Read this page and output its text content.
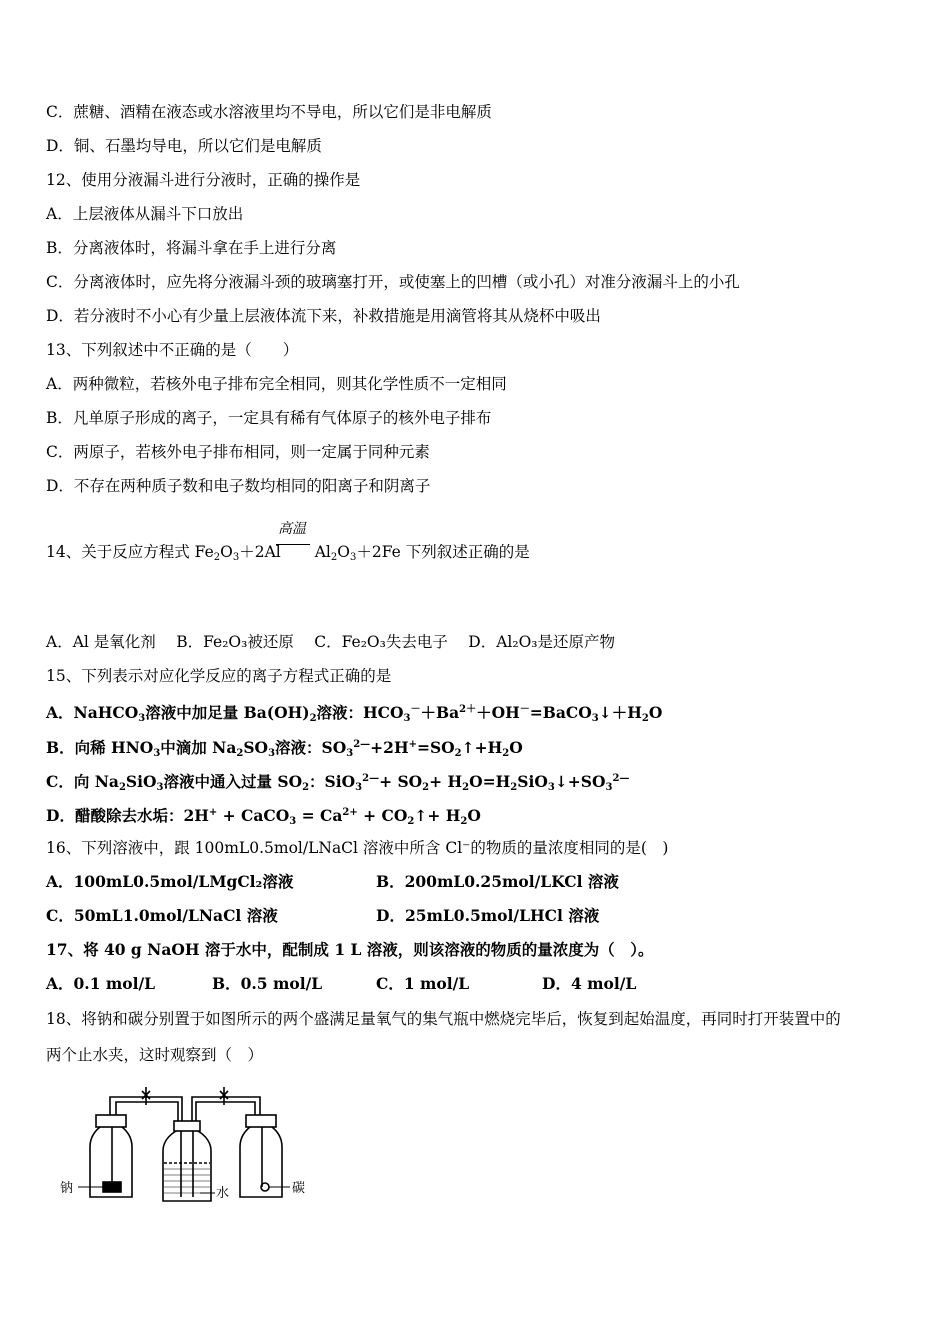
C．蔗糖、酒精在液态或水溶液里均不导电，所以它们是非电解质
D．铜、石墨均导电，所以它们是电解质
12、使用分液漏斗进行分液时，正确的操作是
A．上层液体从漏斗下口放出
B．分离液体时，将漏斗拿在手上进行分离
C．分离液体时，应先将分液漏斗颈的玻璃塞打开，或使塞上的凹槽（或小孔）对准分液漏斗上的小孔
D．若分液时不小心有少量上层液体流下来，补救措施是用滴管将其从烧杯中吸出
13、下列叙述中不正确的是（　　）
A．两种微粒，若核外电子排布完全相同，则其化学性质不一定相同
B．凡单原子形成的离子，一定具有稀有气体原子的核外电子排布
C．两原子，若核外电子排布相同，则一定属于同种元素
D．不存在两种质子数和电子数均相同的阳离子和阴离子
高温
14、关于反应方程式 $Fe_2O_3+2Al$ $Al_2O_3+2Fe$ 下列叙述正确的是
A．Al 是氧化剂　 B．Fe₂O₃被还原　 C．Fe₂O₃失去电子　 D．Al₂O₃是还原产物
15、下列表示对应化学反应的离子方程式正确的是
A．NaHCO$_3$溶液中加足量 $Ba(OH)_2$溶液：$HCO_3^-+Ba^{2+}+OH^-=BaCO_3↓+H_2O$
B．向稀 $HNO_3$中滴加 $Na_2SO_3$溶液：$SO_3^{2—}+2H^+=SO_2↑+H_2O$
C．向 $Na_2SiO_3$溶液中通入过量 $SO_2$：$SiO_3^{2—}+ SO_2+$ $H_2O=H_2SiO_3↓+SO_3^{2—}$
D．醋酸除去水垢：2H+ + CaCO$_3$ = $Ca^{2+}$ + $CO_2↑+ H_2O$
16、下列溶液中，跟 100mL0.5mol/LNaCl 溶液中所含 Cl⁻的物质的量浓度相同的是(　)
A．100mL0.5mol/LMgCl₂溶液	B．200mL0.25mol/LKCl 溶液
C．50mL1.0mol/LNaCl 溶液	D．25mL0.5mol/LHCl 溶液
17、将 40 g NaOH 溶于水中，配制成 1 L 溶液，则该溶液的物质的量浓度为（　）。
A．0.1 mol/L	B．0.5 mol/L	C．1 mol/L	D．4 mol/L
18、将钠和碳分别置于如图所示的两个盛满足量氧气的集气瓶中燃烧完毕后，恢复到起始温度，再同时打开装置中的
两个止水夹，这时观察到（　）
钠	水	碳
